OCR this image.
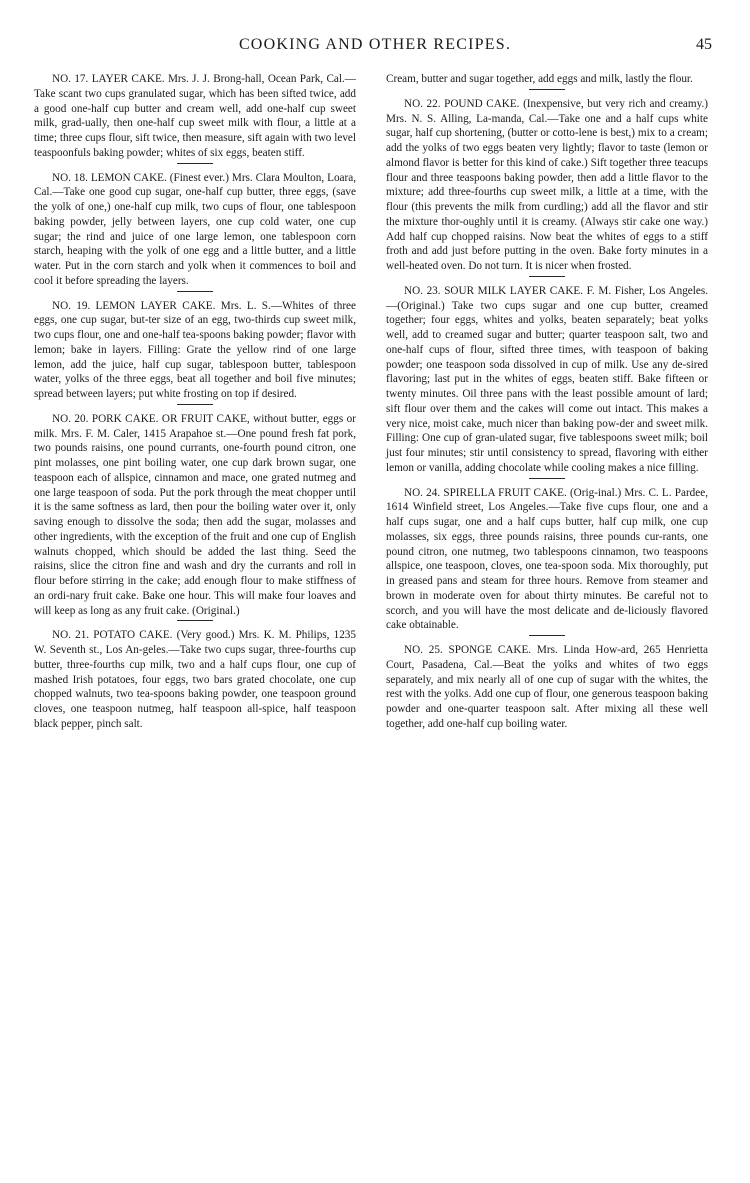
COOKING AND OTHER RECIPES.	45

NO. 17. LAYER CAKE. Mrs. J. J. Brong-hall, Ocean Park, Cal.—Take scant two cups granulated sugar, which has been sifted twice, add a good one-half cup butter and cream well, add one-half cup sweet milk, grad-ually, then one-half cup sweet milk with flour, a little at a time; three cups flour, sift twice, then measure, sift again with two level teaspoonfuls baking powder; whites of six eggs, beaten stiff.

NO. 18. LEMON CAKE. (Finest ever.) Mrs. Clara Moulton, Loara, Cal.—Take one good cup sugar, one-half cup butter, three eggs, (save the yolk of one,) one-half cup milk, two cups of flour, one tablespoon baking powder, jelly between layers, one cup cold water, one cup sugar; the rind and juice of one large lemon, one tablespoon corn starch, heaping with the yolk of one egg and a little butter, and a little water. Put in the corn starch and yolk when it commences to boil and cool it before spreading the layers.

NO. 19. LEMON LAYER CAKE. Mrs. L. S.—Whites of three eggs, one cup sugar, but-ter size of an egg, two-thirds cup sweet milk, two cups flour, one and one-half tea-spoons baking powder; flavor with lemon; bake in layers. Filling: Grate the yellow rind of one large lemon, add the juice, half cup sugar, tablespoon butter, tablespoon water, yolks of the three eggs, beat all together and boil five minutes; spread between layers; put white frosting on top if desired.

NO. 20. PORK CAKE. OR FRUIT CAKE, without butter, eggs or milk. Mrs. F. M. Caler, 1415 Arapahoe st.—One pound fresh fat pork, two pounds raisins, one pound currants, one-fourth pound citron, one pint molasses, one pint boiling water, one cup dark brown sugar, one teaspoon each of allspice, cinnamon and mace, one grated nutmeg and one large teaspoon of soda. Put the pork through the meat chopper until it is the same softness as lard, then pour the boiling water over it, only saving enough to dissolve the soda; then add the sugar, molasses and other ingredients, with the exception of the fruit and one cup of English walnuts chopped, which should be added the last thing. Seed the raisins, slice the citron fine and wash and dry the currants and roll in flour before stirring in the cake; add enough flour to make stiffness of an ordi-nary fruit cake. Bake one hour. This will make four loaves and will keep as long as any fruit cake. (Original.)

NO. 21. POTATO CAKE. (Very good.) Mrs. K. M. Philips, 1235 W. Seventh st., Los An-geles.—Take two cups sugar, three-fourths cup butter, three-fourths cup milk, two and a half cups flour, one cup of mashed Irish potatoes, four eggs, two bars grated chocolate, one cup chopped walnuts, two tea-spoons baking powder, one teaspoon ground cloves, one teaspoon nutmeg, half teaspoon all-spice, half teaspoon black pepper, pinch salt.

Cream, butter and sugar together, add eggs and milk, lastly the flour.

NO. 22. POUND CAKE. (Inexpensive, but very rich and creamy.) Mrs. N. S. Alling, La-manda, Cal.—Take one and a half cups white sugar, half cup shortening, (butter or cotto-lene is best,) mix to a cream; add the yolks of two eggs beaten very lightly; flavor to taste (lemon or almond flavor is better for this kind of cake.) Sift together three teacups flour and three teaspoons baking powder, then add a little flavor to the mixture; add three-fourths cup sweet milk, a little at a time, with the flour (this prevents the milk from curdling;) add all the flavor and stir the mixture thor-oughly until it is creamy. (Always stir cake one way.) Add half cup chopped raisins. Now beat the whites of eggs to a stiff froth and add just before putting in the oven. Bake forty minutes in a well-heated oven. Do not turn. It is nicer when frosted.

NO. 23. SOUR MILK LAYER CAKE. F. M. Fisher, Los Angeles.—(Original.) Take two cups sugar and one cup butter, creamed together; four eggs, whites and yolks, beaten separately; beat yolks well, add to creamed sugar and butter; quarter teaspoon salt, two and one-half cups of flour, sifted three times, with teaspoon of baking powder; one teaspoon soda dissolved in cup of milk. Use any de-sired flavoring; last put in the whites of eggs, beaten stiff. Bake fifteen or twenty minutes. Oil three pans with the least possible amount of lard; sift flour over them and the cakes will come out intact. This makes a very nice, moist cake, much nicer than baking pow-der and sweet milk. Filling: One cup of gran-ulated sugar, five tablespoons sweet milk; boil just four minutes; stir until consistency to spread, flavoring with either lemon or vanilla, adding chocolate while cooling makes a nice filling.

NO. 24. SPIRELLA FRUIT CAKE. (Orig-inal.) Mrs. C. L. Pardee, 1614 Winfield street, Los Angeles.—Take five cups flour, one and a half cups sugar, one and a half cups butter, half cup milk, one cup molasses, six eggs, three pounds raisins, three pounds cur-rants, one pound citron, one nutmeg, two tablespoons cinnamon, two teaspoons allspice, one teaspoon, cloves, one tea-spoon soda. Mix thoroughly, put in greased pans and steam for three hours. Remove from steamer and brown in moderate oven for about thirty minutes. Be careful not to scorch, and you will have the most delicate and de-liciously flavored cake obtainable.

NO. 25. SPONGE CAKE. Mrs. Linda How-ard, 265 Henrietta Court, Pasadena, Cal.—Beat the yolks and whites of two eggs separately, and mix nearly all of one cup of sugar with the whites, the rest with the yolks. Add one cup of flour, one generous teaspoon baking powder and one-quarter teaspoon salt. After mixing all these well together, add one-half cup boiling water.
